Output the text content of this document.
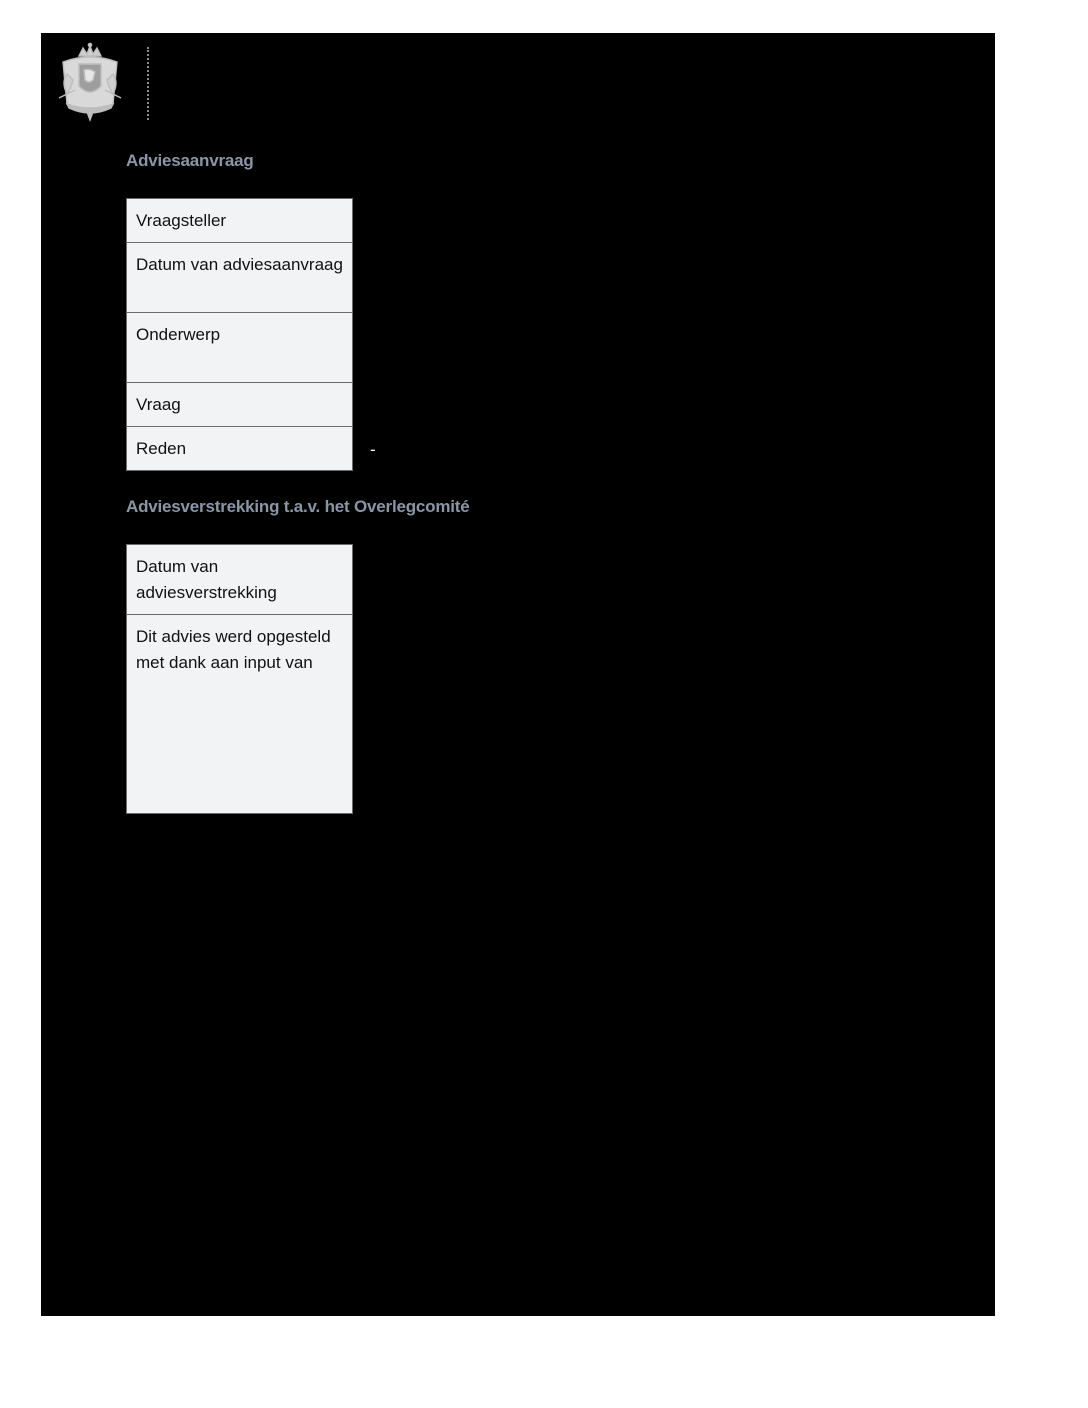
Adviesaanvraag
Vraagsteller
Datum van adviesaanvraag
Onderwerp
Vraag
Reden	-
Adviesverstrekking t.a.v. het Overlegcomité
Datum van adviesverstrekking
Dit advies werd opgesteld met dank aan input van
